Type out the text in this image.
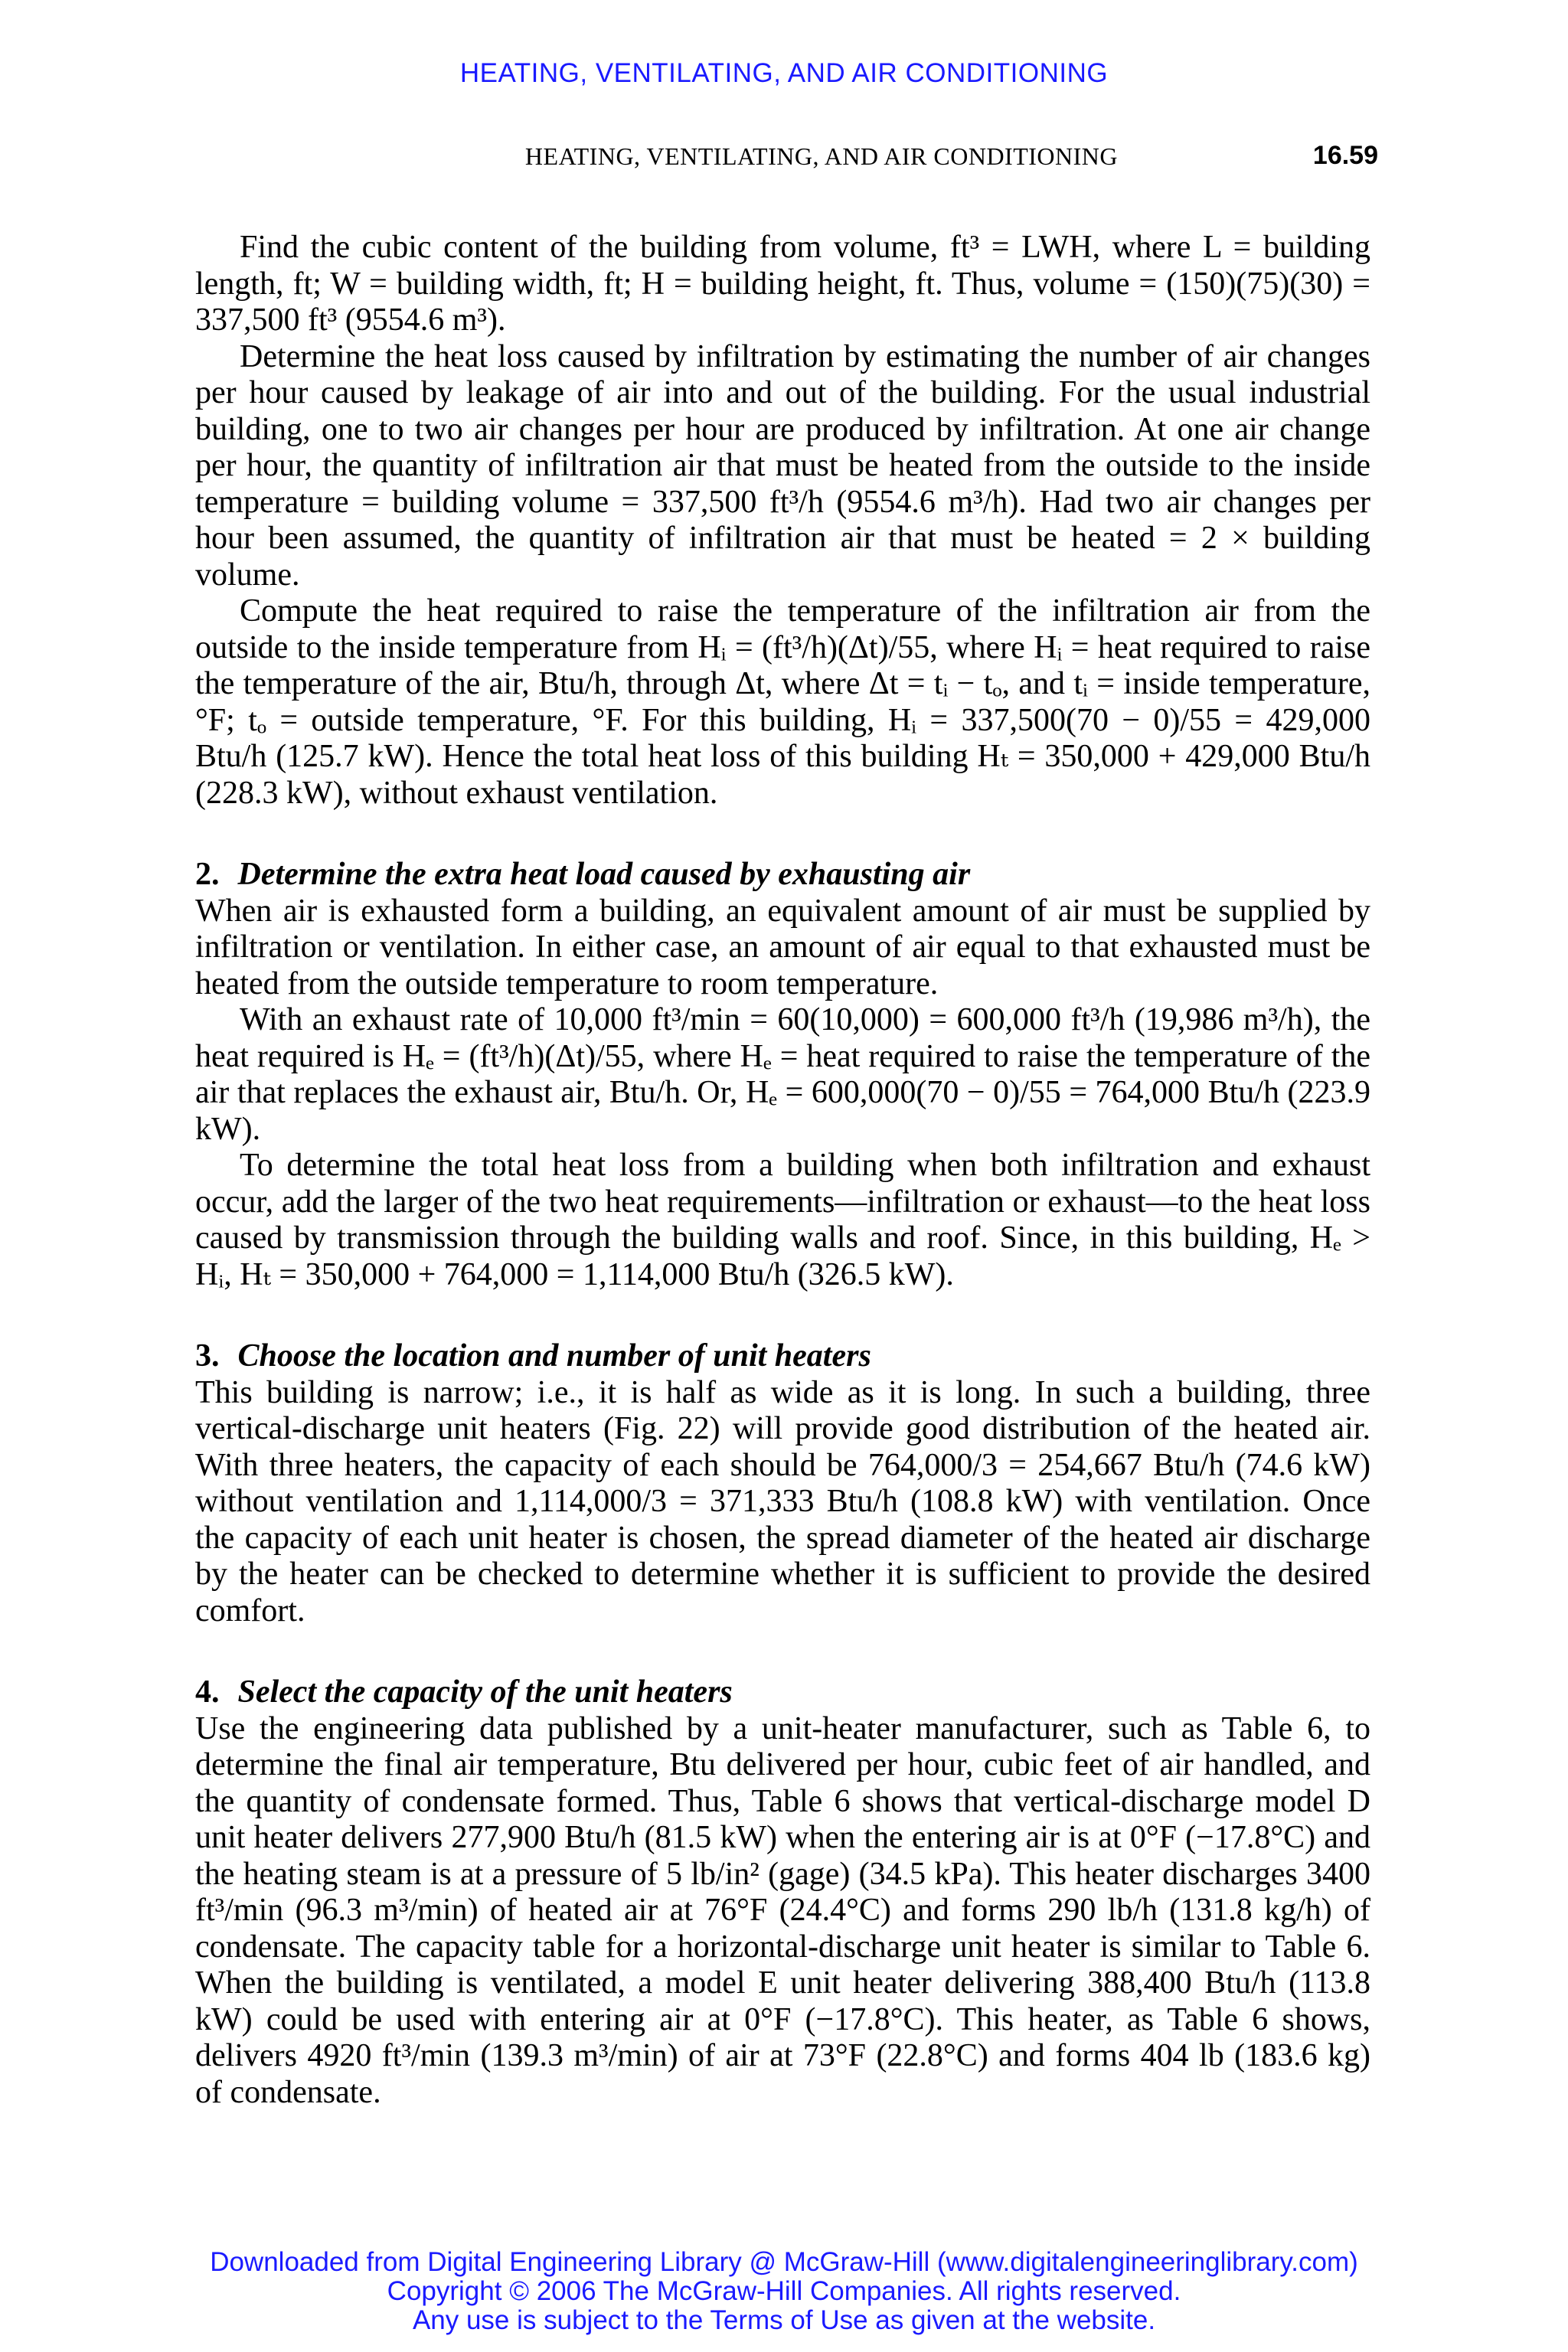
HEATING, VENTILATING, AND AIR CONDITIONING
HEATING, VENTILATING, AND AIR CONDITIONING	16.59

Find the cubic content of the building from volume, ft³ = LWH, where L = building length, ft; W = building width, ft; H = building height, ft. Thus, volume = (150)(75)(30) = 337,500 ft³ (9554.6 m³).

Determine the heat loss caused by infiltration by estimating the number of air changes per hour caused by leakage of air into and out of the building. For the usual industrial building, one to two air changes per hour are produced by infiltration. At one air change per hour, the quantity of infiltration air that must be heated from the outside to the inside temperature = building volume = 337,500 ft³/h (9554.6 m³/h). Had two air changes per hour been assumed, the quantity of infiltration air that must be heated = 2 × building volume.

Compute the heat required to raise the temperature of the infiltration air from the outside to the inside temperature from Hᵢ = (ft³/h)(Δt)/55, where Hᵢ = heat required to raise the temperature of the air, Btu/h, through Δt, where Δt = tᵢ − tₒ, and tᵢ = inside temperature, °F; tₒ = outside temperature, °F. For this building, Hᵢ = 337,500(70 − 0)/55 = 429,000 Btu/h (125.7 kW). Hence the total heat loss of this building Hₜ = 350,000 + 429,000 Btu/h (228.3 kW), without exhaust ventilation.

2. Determine the extra heat load caused by exhausting air

When air is exhausted form a building, an equivalent amount of air must be supplied by infiltration or ventilation. In either case, an amount of air equal to that exhausted must be heated from the outside temperature to room temperature.

With an exhaust rate of 10,000 ft³/min = 60(10,000) = 600,000 ft³/h (19,986 m³/h), the heat required is Hₑ = (ft³/h)(Δt)/55, where Hₑ = heat required to raise the temperature of the air that replaces the exhaust air, Btu/h. Or, Hₑ = 600,000(70 − 0)/55 = 764,000 Btu/h (223.9 kW).

To determine the total heat loss from a building when both infiltration and exhaust occur, add the larger of the two heat requirements—infiltration or exhaust—to the heat loss caused by transmission through the building walls and roof. Since, in this building, Hₑ > Hᵢ, Hₜ = 350,000 + 764,000 = 1,114,000 Btu/h (326.5 kW).

3. Choose the location and number of unit heaters

This building is narrow; i.e., it is half as wide as it is long. In such a building, three vertical-discharge unit heaters (Fig. 22) will provide good distribution of the heated air. With three heaters, the capacity of each should be 764,000/3 = 254,667 Btu/h (74.6 kW) without ventilation and 1,114,000/3 = 371,333 Btu/h (108.8 kW) with ventilation. Once the capacity of each unit heater is chosen, the spread diameter of the heated air discharge by the heater can be checked to determine whether it is sufficient to provide the desired comfort.

4. Select the capacity of the unit heaters

Use the engineering data published by a unit-heater manufacturer, such as Table 6, to determine the final air temperature, Btu delivered per hour, cubic feet of air handled, and the quantity of condensate formed. Thus, Table 6 shows that vertical-discharge model D unit heater delivers 277,900 Btu/h (81.5 kW) when the entering air is at 0°F (−17.8°C) and the heating steam is at a pressure of 5 lb/in² (gage) (34.5 kPa). This heater discharges 3400 ft³/min (96.3 m³/min) of heated air at 76°F (24.4°C) and forms 290 lb/h (131.8 kg/h) of condensate. The capacity table for a horizontal-discharge unit heater is similar to Table 6. When the building is ventilated, a model E unit heater delivering 388,400 Btu/h (113.8 kW) could be used with entering air at 0°F (−17.8°C). This heater, as Table 6 shows, delivers 4920 ft³/min (139.3 m³/min) of air at 73°F (22.8°C) and forms 404 lb (183.6 kg) of condensate.

Downloaded from Digital Engineering Library @ McGraw-Hill (www.digitalengineeringlibrary.com)
Copyright © 2006 The McGraw-Hill Companies. All rights reserved.
Any use is subject to the Terms of Use as given at the website.
